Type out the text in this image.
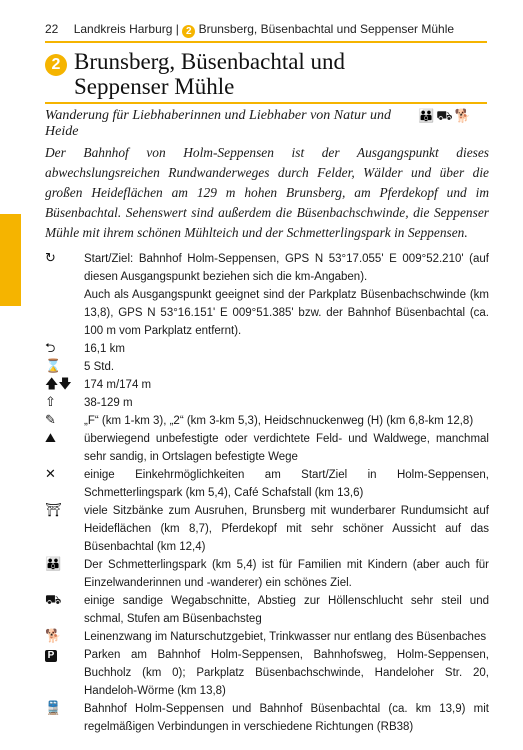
22 Landkreis Harburg | 2 Brunsberg, Büsenbachtal und Seppenser Mühle
2 Brunsberg, Büsenbachtal und
Seppenser Mühle
Wanderung für Liebhaberinnen und Liebhaber von Natur und Heide
👪⛟🐕
Der Bahnhof von Holm-Seppensen ist der Ausgangspunkt dieses abwechslungsreichen Rundwanderweges durch Felder, Wälder und über die großen Heideflächen am 129 m hohen Brunsberg, am Pferdekopf und im Büsenbachtal. Sehenswert sind außerdem die Büsenbachschwinde, die Seppenser Mühle mit ihrem schönen Mühlteich und der Schmetterlingspark in Seppensen.
↻	Start/Ziel: Bahnhof Holm-Seppensen, GPS N 53°17.055' E 009°52.210' (auf diesen Ausgangspunkt beziehen sich die km-Angaben).
Auch als Ausgangspunkt geeignet sind der Parkplatz Büsenbachschwinde (km 13,8), GPS N 53°16.151' E 009°51.385' bzw. der Bahnhof Büsenbachtal (ca. 100 m vom Parkplatz entfernt).
⮌	16,1 km
⌛	5 Std.
🡅🡇	174 m/174 m
⇧	38-129 m
✎	„F“ (km 1-km 3), „2“ (km 3-km 5,3), Heidschnuckenweg (H) (km 6,8-km 12,8)
⛰	überwiegend unbefestigte oder verdichtete Feld- und Waldwege, manchmal sehr sandig, in Ortslagen befestigte Wege
✕	einige Einkehrmöglichkeiten am Start/Ziel in Holm-Seppensen, Schmetterlingspark (km 5,4), Café Schafstall (km 13,6)
⛩	viele Sitzbänke zum Ausruhen, Brunsberg mit wunderbarer Rundumsicht auf Heideflächen (km 8,7), Pferdekopf mit sehr schöner Aussicht auf das Büsenbachtal (km 12,4)
👪	Der Schmetterlingspark (km 5,4) ist für Familien mit Kindern (aber auch für Einzelwanderinnen und -wanderer) ein schönes Ziel.
⛟	einige sandige Wegabschnitte, Abstieg zur Höllenschlucht sehr steil und schmal, Stufen am Büsenbachsteg
🐕	Leinenzwang im Naturschutzgebiet, Trinkwasser nur entlang des Büsenbaches
P	Parken am Bahnhof Holm-Seppensen, Bahnhofsweg, Holm-Seppensen, Buchholz (km 0); Parkplatz Büsenbachschwinde, Handeloher Str. 20, Handeloh-Wörme (km 13,8)
🚆	Bahnhof Holm-Seppensen und Bahnhof Büsenbachtal (ca. km 13,9) mit regelmäßigen Verbindungen in verschiedene Richtungen (RB38)
